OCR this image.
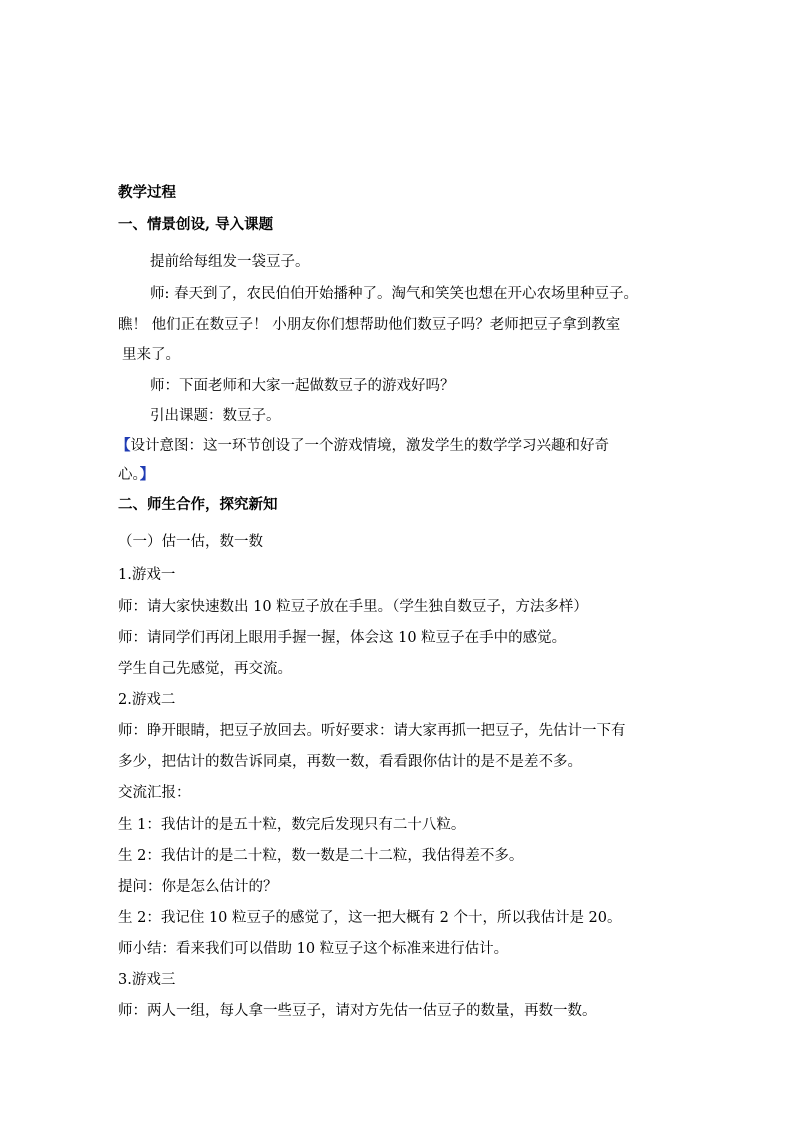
教学过程
一、情景创设, 导入课题
提前给每组发一袋豆子。
师: 春天到了，农民伯伯开始播种了。淘气和笑笑也想在开心农场里种豆子。
瞧！ 他们正在数豆子！ 小朋友你们想帮助他们数豆子吗？老师把豆子拿到教室
里来了。
师：下面老师和大家一起做数豆子的游戏好吗？
引出课题：数豆子。
【设计意图：这一环节创设了一个游戏情境，激发学生的数学学习兴趣和好奇
心。】
二、师生合作，探究新知
（一）估一估，数一数
1.游戏一
师：请大家快速数出 10 粒豆子放在手里。（学生独自数豆子，方法多样）
师：请同学们再闭上眼用手握一握，体会这 10 粒豆子在手中的感觉。
学生自己先感觉，再交流。
2.游戏二
师：睁开眼睛，把豆子放回去。听好要求：请大家再抓一把豆子，先估计一下有
多少，把估计的数告诉同桌，再数一数，看看跟你估计的是不是差不多。
交流汇报：
生 1：我估计的是五十粒，数完后发现只有二十八粒。
生 2：我估计的是二十粒，数一数是二十二粒，我估得差不多。
提问：你是怎么估计的？
生 2：我记住 10 粒豆子的感觉了，这一把大概有 2 个十，所以我估计是 20。
师小结：看来我们可以借助 10 粒豆子这个标准来进行估计。
3.游戏三
师：两人一组，每人拿一些豆子，请对方先估一估豆子的数量，再数一数。
